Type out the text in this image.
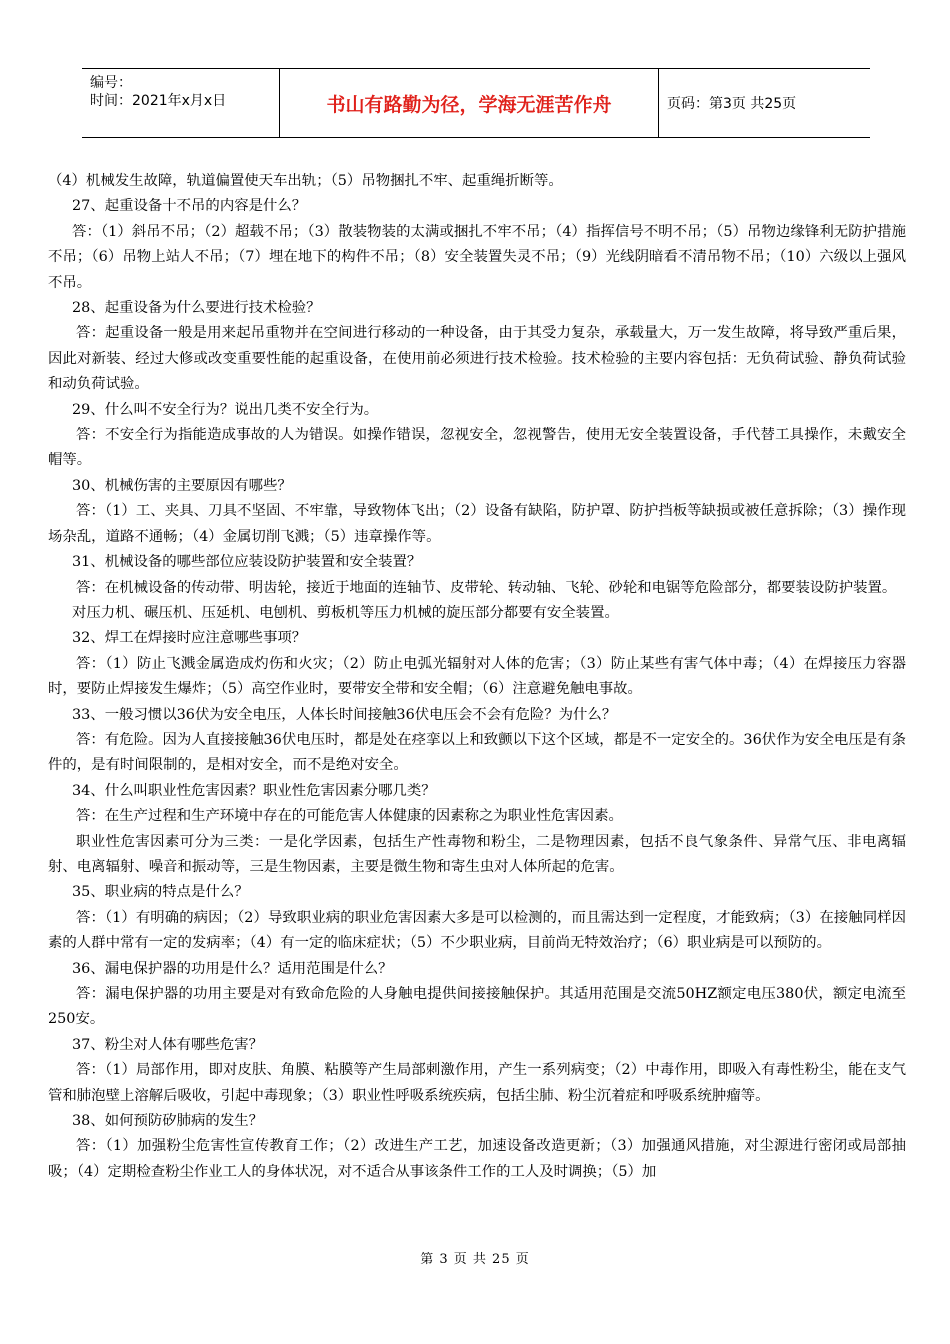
编号：
时间：2021年x月x日	书山有路勤为径，学海无涯苦作舟	页码：第3页 共25页

（4）机械发生故障，轨道偏置使天车出轨；（5）吊物捆扎不牢、起重绳折断等。

27、起重设备十不吊的内容是什么？

答：（1）斜吊不吊；（2）超载不吊；（3）散装物装的太满或捆扎不牢不吊；（4）指挥信号不明不吊；（5）吊物边缘锋利无防护措施不吊；（6）吊物上站人不吊；（7）埋在地下的构件不吊；（8）安全装置失灵不吊；（9）光线阴暗看不清吊物不吊；（10）六级以上强风不吊。

28、起重设备为什么要进行技术检验？

答：起重设备一般是用来起吊重物并在空间进行移动的一种设备，由于其受力复杂，承载量大，万一发生故障，将导致严重后果，因此对新装、经过大修或改变重要性能的起重设备，在使用前必须进行技术检验。技术检验的主要内容包括：无负荷试验、静负荷试验和动负荷试验。

29、什么叫不安全行为？说出几类不安全行为。

答：不安全行为指能造成事故的人为错误。如操作错误，忽视安全，忽视警告，使用无安全装置设备，手代替工具操作，未戴安全帽等。

30、机械伤害的主要原因有哪些？

答：（1）工、夹具、刀具不坚固、不牢靠，导致物体飞出；（2）设备有缺陷，防护罩、防护挡板等缺损或被任意拆除；（3）操作现场杂乱，道路不通畅；（4）金属切削飞溅；（5）违章操作等。

31、机械设备的哪些部位应装设防护装置和安全装置？

答：在机械设备的传动带、明齿轮，接近于地面的连轴节、皮带轮、转动轴、飞轮、砂轮和电锯等危险部分，都要装设防护装置。

对压力机、碾压机、压延机、电刨机、剪板机等压力机械的旋压部分都要有安全装置。

32、焊工在焊接时应注意哪些事项？

答：（1）防止飞溅金属造成灼伤和火灾；（2）防止电弧光辐射对人体的危害；（3）防止某些有害气体中毒；（4）在焊接压力容器时，要防止焊接发生爆炸；（5）高空作业时，要带安全带和安全帽；（6）注意避免触电事故。

33、一般习惯以36伏为安全电压，人体长时间接触36伏电压会不会有危险？为什么？

答：有危险。因为人直接接触36伏电压时，都是处在痉挛以上和致颤以下这个区域，都是不一定安全的。36伏作为安全电压是有条件的，是有时间限制的，是相对安全，而不是绝对安全。

34、什么叫职业性危害因素？职业性危害因素分哪几类？

答：在生产过程和生产环境中存在的可能危害人体健康的因素称之为职业性危害因素。

职业性危害因素可分为三类：一是化学因素，包括生产性毒物和粉尘，二是物理因素，包括不良气象条件、异常气压、非电离辐射、电离辐射、噪音和振动等，三是生物因素，主要是微生物和寄生虫对人体所起的危害。

35、职业病的特点是什么？

答：（1）有明确的病因；（2）导致职业病的职业危害因素大多是可以检测的，而且需达到一定程度，才能致病；（3）在接触同样因素的人群中常有一定的发病率；（4）有一定的临床症状；（5）不少职业病，目前尚无特效治疗；（6）职业病是可以预防的。

36、漏电保护器的功用是什么？适用范围是什么？

答：漏电保护器的功用主要是对有致命危险的人身触电提供间接接触保护。其适用范围是交流50HZ额定电压380伏，额定电流至250安。

37、粉尘对人体有哪些危害？

答：（1）局部作用，即对皮肤、角膜、粘膜等产生局部刺激作用，产生一系列病变；（2）中毒作用，即吸入有毒性粉尘，能在支气管和肺泡壁上溶解后吸收，引起中毒现象；（3）职业性呼吸系统疾病，包括尘肺、粉尘沉着症和呼吸系统肿瘤等。

38、如何预防矽肺病的发生？

答：（1）加强粉尘危害性宣传教育工作；（2）改进生产工艺，加速设备改造更新；（3）加强通风措施，对尘源进行密闭或局部抽吸；（4）定期检查粉尘作业工人的身体状况，对不适合从事该条件工作的工人及时调换；（5）加

第 3 页 共 25 页
